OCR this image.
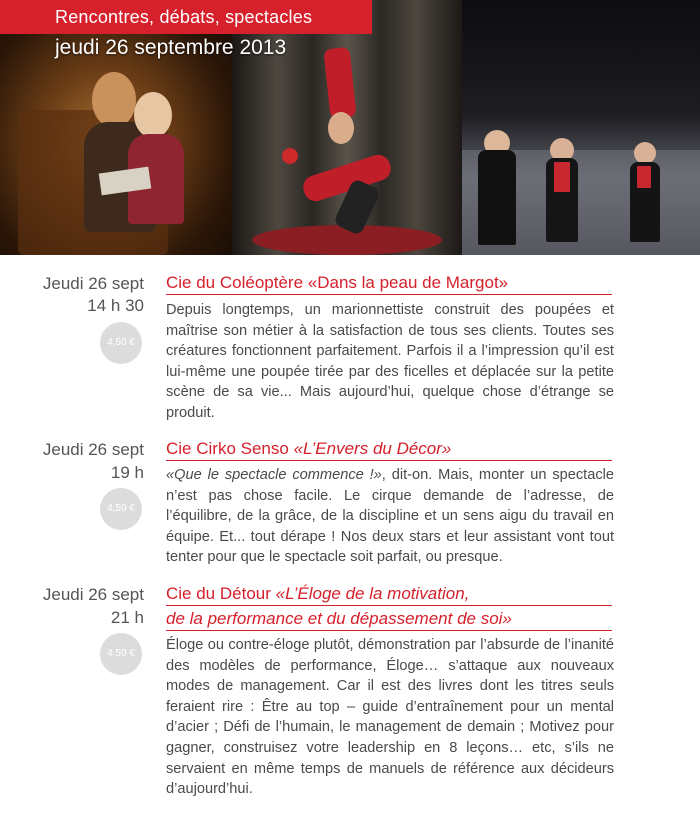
Rencontres, débats, spectacles
jeudi 26 septembre 2013
Jeudi 26 sept
14 h 30
4,50 €
Cie du Coléoptère «Dans la peau de Margot»
Depuis longtemps, un marionnettiste construit des poupées et maîtrise son métier à la satisfaction de tous ses clients. Toutes ses créatures fonctionnent parfaitement. Parfois il a l’impression qu’il est lui-même une poupée tirée par des ficelles et déplacée sur la petite scène de sa vie... Mais aujourd’hui, quelque chose d’étrange se produit.
Jeudi 26 sept
19 h
4,50 €
Cie Cirko Senso «L’Envers du Décor»
«Que le spectacle commence !», dit-on. Mais, monter un spectacle n’est pas chose facile. Le cirque demande de l’adresse, de l’équilibre, de la grâce, de la discipline et un sens aigu du travail en équipe. Et... tout dérape ! Nos deux stars et leur assistant vont tout tenter pour que le spectacle soit parfait, ou presque.
Jeudi 26 sept
21 h
4,50 €
Cie du Détour «L’Éloge de la motivation,
de la performance et du dépassement de soi»
Éloge ou contre-éloge plutôt, démonstration par l’absurde de l’inanité des modèles de performance, Éloge… s’attaque aux nouveaux modes de management. Car il est des livres dont les titres seuls feraient rire : Être au top – guide d’entraînement pour un mental d’acier ; Défi de l’humain, le management de demain ; Motivez pour gagner, construisez votre leadership en 8 leçons… etc, s’ils ne servaient en même temps de manuels de référence aux décideurs d’aujourd’hui.
